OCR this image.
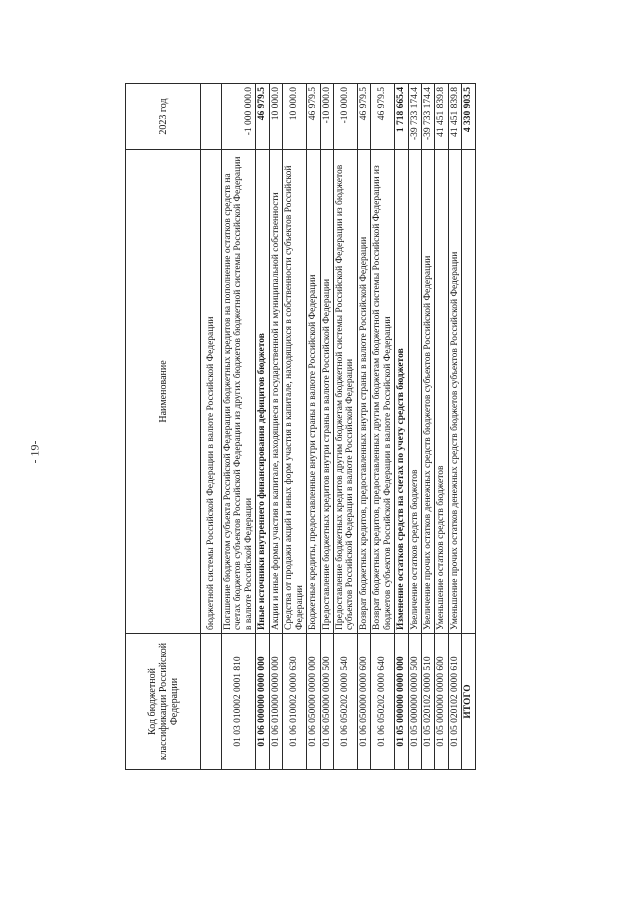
- 19-
Код бюджетной классификации Российской Федерации	Наименование	2023 год
	бюджетной системы Российской Федерации в валюте Российской Федерации	
01 03 010002 0001 810	Погашение бюджетом субъекта Российской Федерации бюджетных кредитов на пополнение остатков средств на счетах бюджетов субъектов Российской Федерации из других бюджетов бюджетной системы Российской Федерации в валюте Российской Федерации	-1 000 000.0
01 06 000000 0000 000	Иные источники внутреннего финансирования дефицитов бюджетов	46 979.5
01 06 010000 0000 000	Акции и иные формы участия в капитале, находящиеся в государственной и муниципальной собственности	10 000.0
01 06 010002 0000 630	Средства от продажи акций и иных форм участия в капитале, находящихся в собственности субъектов Российской Федерации	10 000.0
01 06 050000 0000 000	Бюджетные кредиты, предоставленные внутри страны в валюте Российской Федерации	46 979.5
01 06 050000 0000 500	Предоставление бюджетных кредитов внутри страны в валюте Российской Федерации	-10 000.0
01 06 050202 0000 540	Предоставление бюджетных кредитов другим бюджетам бюджетной системы Российской Федерации из бюджетов субъектов Российской Федерации в валюте Российской Федерации	-10 000.0
01 06 050000 0000 600	Возврат бюджетных кредитов, предоставленных внутри страны в валюте Российской Федерации	46 979.5
01 06 050202 0000 640	Возврат бюджетных кредитов, предоставленных другим бюджетам бюджетной системы Российской Федерации из бюджетов субъектов Российской Федерации в валюте Российской Федерации	46 979.5
01 05 000000 0000 000	Изменение остатков средств на счетах по учету средств бюджетов	1 718 665.4
01 05 000000 0000 500	Увеличение остатков средств бюджетов	-39 733 174.4
01 05 020102 0000 510	Увеличение прочих остатков денежных средств бюджетов субъектов Российской Федерации	-39 733 174.4
01 05 000000 0000 600	Уменьшение остатков средств бюджетов	41 451 839.8
01 05 020102 0000 610	Уменьшение прочих остатков денежных средств бюджетов субъектов Российской Федерации	41 451 839.8
ИТОГО		4 330 903.5
